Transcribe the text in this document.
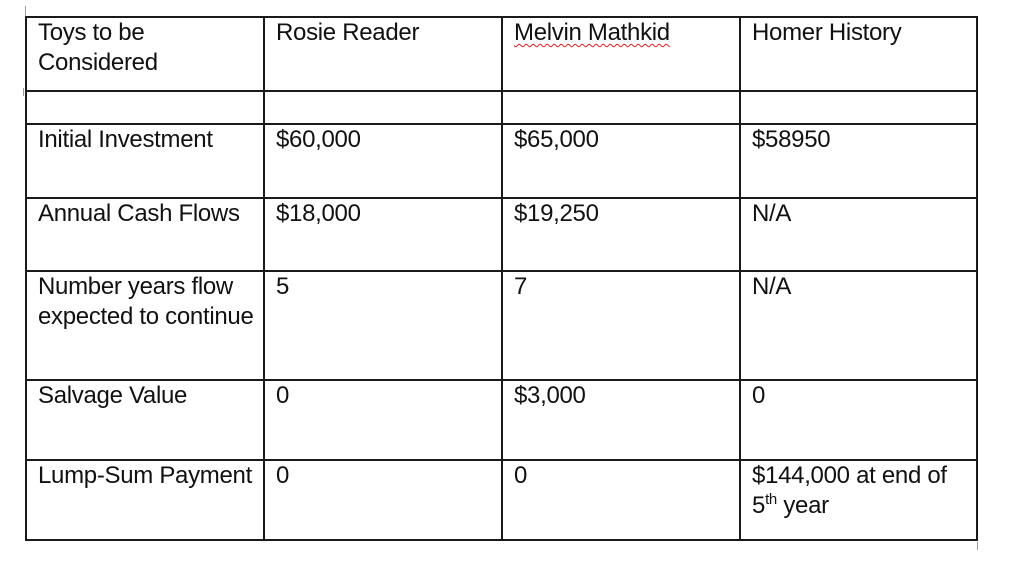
Toys to be Considered	Rosie Reader	Melvin Mathkid	Homer History

Initial Investment	$60,000	$65,000	$58950
Annual Cash Flows	$18,000	$19,250	N/A
Number years flow expected to continue	5	7	N/A
Salvage Value	0	$3,000	0
Lump-Sum Payment	0	0	$144,000 at end of 5th year
